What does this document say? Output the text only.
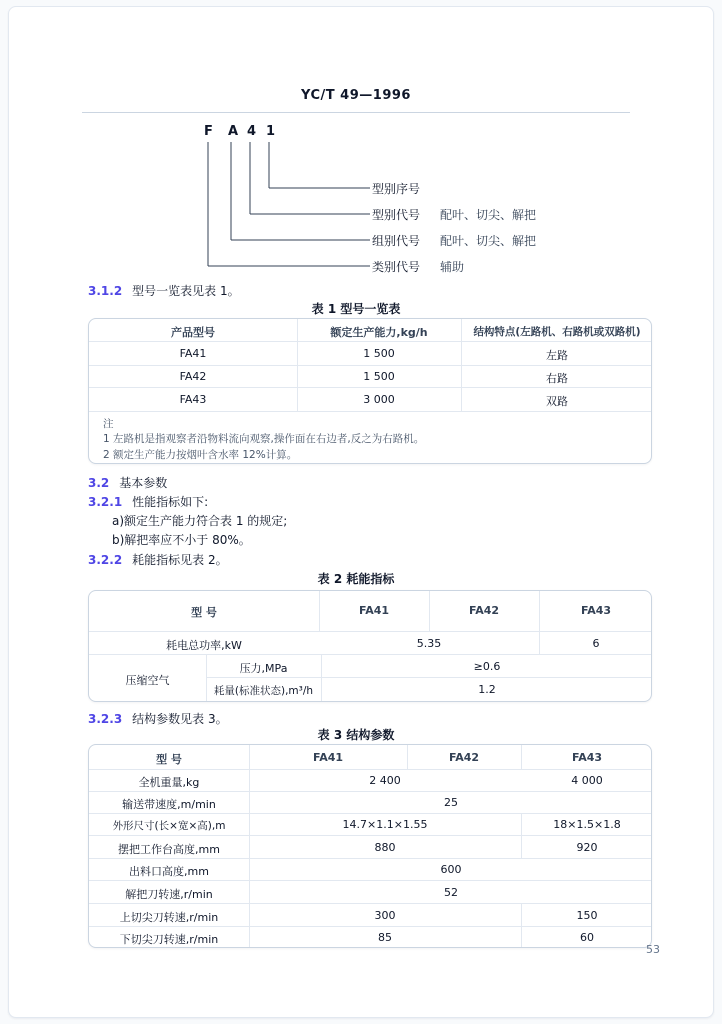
YC/T 49—1996
F A 4 1
型别序号
型别代号
组别代号
类别代号
配叶、切尖、解把
配叶、切尖、解把
辅助
3.1.2 型号一览表见表 1。
表 1 型号一览表
产品型号	额定生产能力,kg/h	结构特点(左路机、右路机或双路机)
FA41	1 500	左路
FA42	1 500	右路
FA43	3 000	双路
注
1 左路机是指观察者沿物料流向观察,操作面在右边者,反之为右路机。
2 额定生产能力按烟叶含水率 12%计算。
3.2 基本参数
3.2.1 性能指标如下:
a)额定生产能力符合表 1 的规定;
b)解把率应不小于 80%。
3.2.2 耗能指标见表 2。
表 2 耗能指标
型 号	FA41	FA42	FA43
耗电总功率,kW	5.35	6
压缩空气
压力,MPa	≥0.6
耗量(标准状态),m³/h	1.2
3.2.3 结构参数见表 3。
表 3 结构参数
型 号	FA41	FA42	FA43
全机重量,kg	2 400	4 000
输送带速度,m/min	25
外形尺寸(长×宽×高),m	14.7×1.1×1.55	18×1.5×1.8
摆把工作台高度,mm	880	920
出料口高度,mm	600
解把刀转速,r/min	52
上切尖刀转速,r/min	300	150
下切尖刀转速,r/min	85	60
53
